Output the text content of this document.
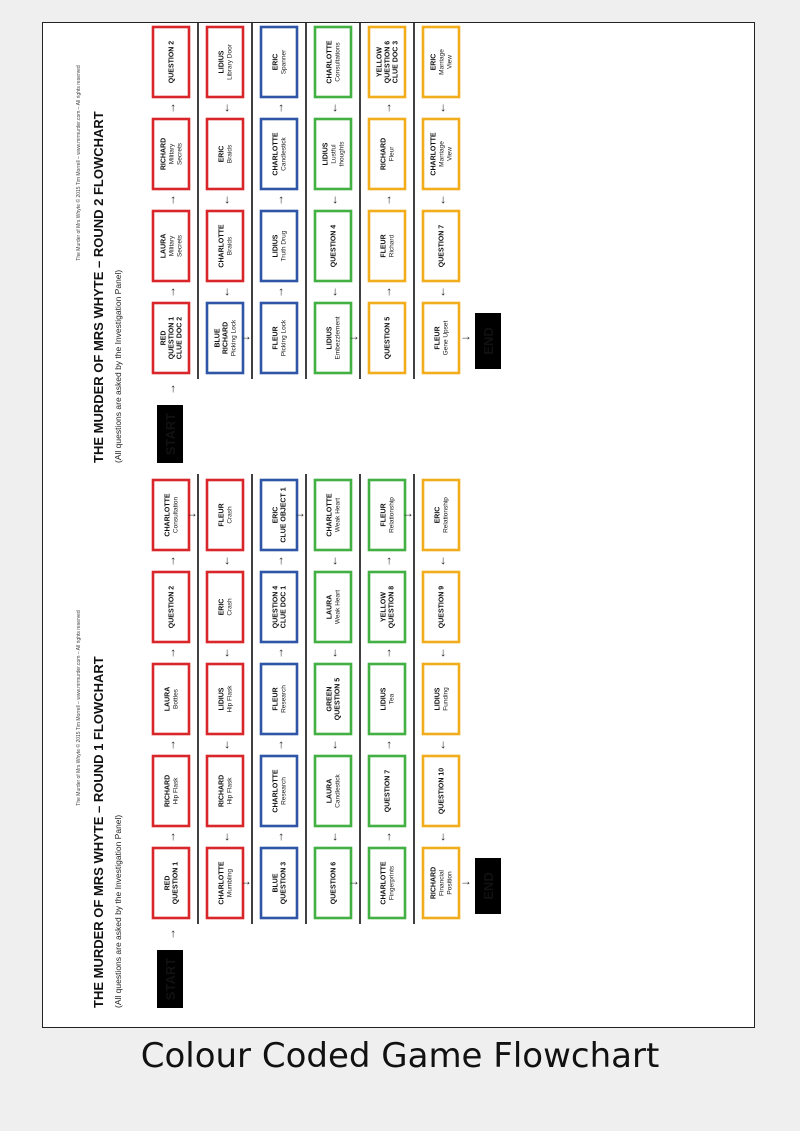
The Murder of Mrs Whyte © 2015 Tim Morrell – www.mrmurder.com – All rights reserved THE MURDER OF MRS WHYTE – ROUND 1 FLOWCHART (All questions are asked by the Investigation Panel)	START
RED QUESTION 1
→
RICHARD Hip Flask
→
LAURA Bottles
→
QUESTION 2
→
CHARLOTTE Consultation
→
CHARLOTTE Mumbling
←
RICHARD Hip Flask
←
LIDIUS Hip Flask
←
ERIC Crash
←
FLEUR Crash
↓
BLUE QUESTION 3
→
CHARLOTTE Research
→
FLEUR Research
→
QUESTION 4 CLUE DOC 1
→
ERIC CLUE OBJECT 1
↓	QUESTION 6
←
LAURA Candlestick
←
GREEN QUESTION 5
←
LAURA Weak Heart
←
CHARLOTTE Weak Heart
↓
CHARLOTTE Fingerprints
→
QUESTION 7
→
LIDIUS Tea
→
YELLOW QUESTION 8
→
FLEUR Relationship
↓	RICHARD Financial Position
←
QUESTION 10
←
LIDIUS Funding
←
QUESTION 9
←
ERIC Relationship
↓
↓ END
The Murder of Mrs Whyte © 2015 Tim Morrell – www.mrmurder.com – All rights reserved THE MURDER OF MRS WHYTE – ROUND 2 FLOWCHART (All questions are asked by the Investigation Panel)	START
RED QUESTION 1 CLUE DOC 2
→
LAURA Military Secrets
→
RICHARD Military Secrets
→
QUESTION 2
→
BLUE RICHARD Picking Lock
←
CHARLOTTE Braids
←
ERIC Braids
←
LIDIUS Library Door
←
FLEUR Picking Lock
→
LIDIUS Truth Drug
→
CHARLOTTE Candlestick
→
ERIC Spanner
→
↓	LIDIUS Embezzlement
←
QUESTION 4
←
LIDIUS Lustful thoughts
←
CHARLOTTE Consultations
←
QUESTION 5
→
FLEUR Richard
→
RICHARD Fleur
→
YELLOW QUESTION 6 CLUE DOC 3
→
↓	FLEUR Gene Upset
←
QUESTION 7
←
CHARLOTTE Marriage View
←
ERIC Marriage View
←
↓ END
Colour Coded Game Flowchart
